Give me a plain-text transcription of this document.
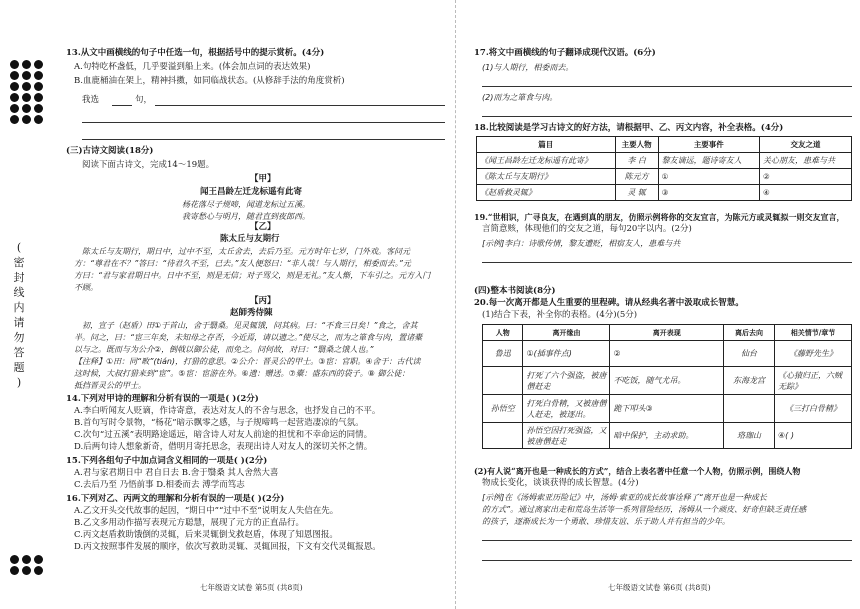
(
密
封
线
内
请
勿
答
题
)
13.从文中画横线的句子中任选一句，根据括号中的提示赏析。(4分)
A.句特吃杯盏低，几乎要溢到船上来。(体会加点词的表达效果)
B.血鹿桶油在架上，精神抖擞，如同临战状态。(从修辞手法的角度赏析)
我选	句，
(三)古诗文阅读(18分)
阅读下面古诗文，完成14～19题。
【甲】
闻王昌龄左迁龙标遥有此寄
杨花落尽子规啼，闻道龙标过五溪。
我寄愁心与明月，随君直到夜郎西。
【乙】
陈太丘与友期行
陈太丘与友期行，期日中，过中不至，太丘舍去，去后乃至。元方时年七岁，门外戏。客问元
方：“尊君在不？”答曰：“待君久不至，已去。”友人便怒曰：“非人哉！与人期行，相委而去。”元
方曰：“君与家君期日中。日中不至，则是无信；对子骂父，则是无礼。”友人惭，下车引之。元方入门
不顾。
【丙】
赵師秀侍陳
初，宣子（赵盾）田①于首山，舍于翳桑。见灵辄饿，问其病。曰：“不食三日矣！”食之，舍其
半。问之，曰：“宦三年矣，未知母之存否，今近焉，请以遗之。”使尽之，而为之箪食与肉，置诸橐
以与之。既而与为公介②，倒戟以御公徒，而免之。问何故，对曰：“翳桑之饿人也。”
【注释】①田：同“畋”(tián)，打猎的意思。②公介：晋灵公的甲士。③宦：官职。④舍于：古代读
这时候，大叔打猎来到“宦”。⑤宦：宦游在外。⑥遗：赠送。⑦橐：盛东西的袋子。⑧ 御公徒：
抵挡晋灵公的甲士。
14.下列对甲诗的理解和分析有误的一项是( )(2分)
A.李白听闻友人贬谪，作诗寄意，表达对友人的不舍与思念，也抒发自己的不平。
B.首句写时令景物，“杨花”暗示飘零之感，与子规啼鸣一起营造凄凉的气氛。
C.次句“过五溪”表明路途遥远，暗含诗人对友人前途的担忧和不幸命运的同情。
D.后两句诗人想象新奇，借明月寄托思念，表现出诗人对友人的深切关怀之情。
15.下列各组句子中加点词含义相同的一项是( )(2分)
A.君与家君期日中 君自日去 B.舍于翳桑 其人舍然大喜
C.去后乃至 乃悟前事 D.相委而去 溥学而笃志
16.下列对乙、丙两文的理解和分析有误的一项是( )(2分)
A.乙文开头交代故事的起因，“期日中”“过中不至”说明友人失信在先。
B.乙文多用动作描写表现元方聪慧，展现了元方的正直品行。
C.丙文赵盾救助饿倒的灵辄，后来灵辄倒戈救赵盾，体现了知恩图报。
D.丙文按照事件发展的顺序，依次写救助灵辄、灵辄回报，下文有交代灵辄报恩。
七年级语文试卷 第5页 (共8页)
17.将文中画横线的句子翻译成现代汉语。(6分)
(1)与人期行，相委而去。
(2)而为之箪食与肉。
18.比较阅读是学习古诗文的好方法，请根据甲、乙、丙文内容，补全表格。(4分)
篇目	主要人物	主要事件	交友之道
《闻王昌龄左迁龙标遥有此寄》	李 白	黎友谪远，题诗寄友人	关心朋友，患难与共
《陈太丘与友期行》	陈元方	①	②
《赵盾救灵辄》	灵 辄	③	④
19.“世相识，广寻良友，在遇到真的朋友，仿照示例将你的交友宜言，为陈元方或灵辄拟一则交友宣言，
言简意赅，体现他们的交友之道，每句20字以内。(2分)
[示例]李白：诗歌传情，黎友遭贬，相宿友人，患难与共
(四)整本书阅读(8分)
20.每一次离开都是人生重要的里程碑。请从经典名著中汲取成长智慧。
(1)结合下表，补全你的表格。(4分)(5分)
人物	离开缘由	离开表现	离后去向	相关情节/章节
鲁迅	①(插事件点)	②	仙台	《藤野先生》
	打死了六个强盗，被唐僧赶走	不吃饭，随气尤吊。	东海龙宫	《心猿归正，六贼无踪》
孙悟空	打死白骨精，又被唐僧人赶走，被逐出。	跪下叩头③		《三打白骨精》
	孙悟空因打死强盗，又被唐僧赶走	暗中保护，主动求助。	珞珈山	④( )
(2)有人说“离开也是一种成长的方式”，结合上表名著中任意一个人物，仿照示例，围绕人物
物成长变化，谈谈获得的成长智慧。(4分)
[示例]在《汤姆索亚历险记》中，汤姆·索亚的成长故事诠释了“离开也是一种成长
的方式”。通过离家出走和荒岛生活等一系列冒险经历，汤姆从一个顽皮、好奇但缺乏责任感
的孩子，逐渐成长为一个勇敢、珍惜友谊、乐于助人并有担当的少年。
七年级语文试卷 第6页 (共8页)
